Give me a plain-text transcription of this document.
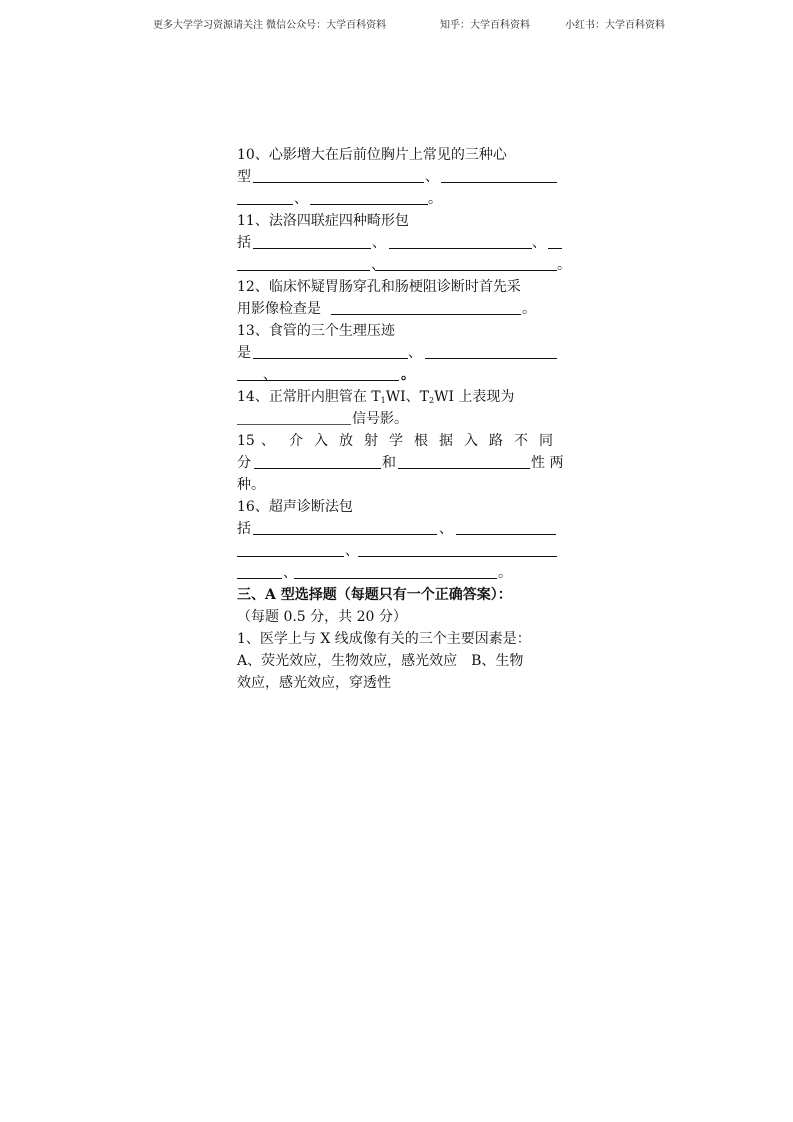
更多大学学习资源请关注 微信公众号：大学百科资料	知乎：大学百科资料	小红书：大学百科资料
10、心影增大在后前位胸片上常见的三种心
型	、
、	。
11、法洛四联症四种畸形包
括	、	、
、	。
12、临床怀疑胃肠穿孔和肠梗阻诊断时首先采
用影像检查是	。
13、食管的三个生理压迹
是	、
、	。
14、正常肝内胆管在 $T_1WI$、$T_2WI$ 上表现为
信号影。
15 、 介 入 放 射 学 根 据 入 路 不 同
分	和	性 两
种。
16、超声诊断法包
括	、
、
、	。
三、A 型选择题（每题只有一个正确答案）：
（每题 0.5 分，共 20 分）
1、医学上与 X 线成像有关的三个主要因素是：
A、荧光效应，生物效应，感光效应　B、生物
效应，感光效应，穿透性
